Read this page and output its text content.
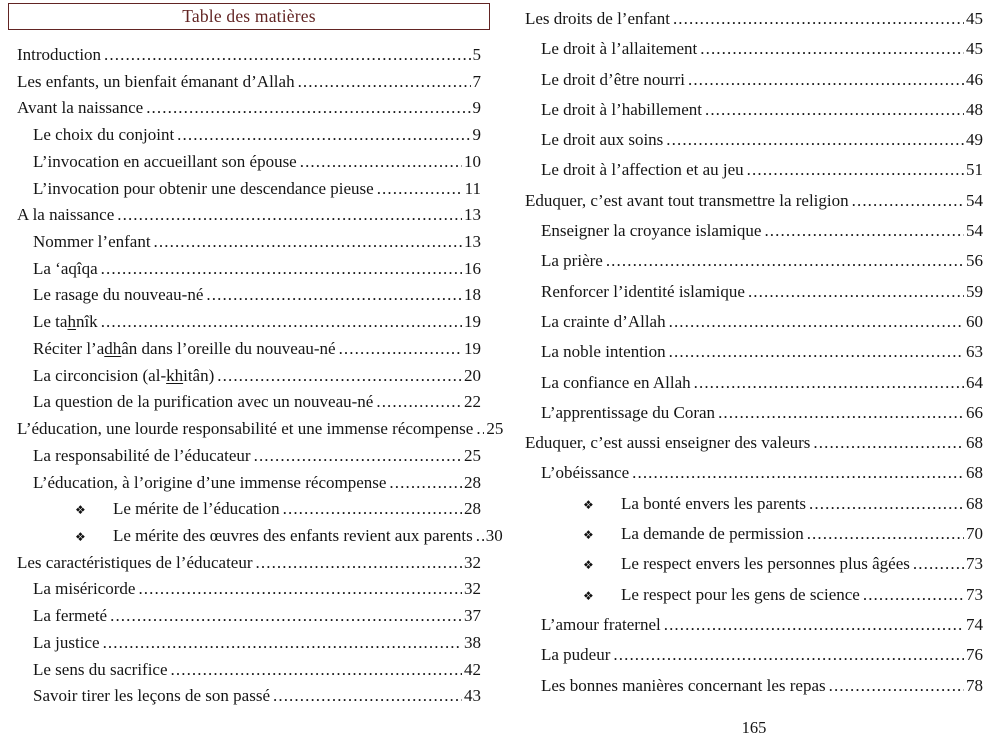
Table des matières
Introduction .....	5
Les enfants, un bienfait émanant d’Allah .....	7
Avant la naissance .....	9
Le choix du conjoint .....	9
L’invocation en accueillant son épouse .....	10
L’invocation pour obtenir une descendance pieuse .....	11
A la naissance .....	13
Nommer l’enfant .....	13
La ‘aqîqa .....	16
Le rasage du nouveau-né .....	18
Le tahnîk .....	19
Réciter l’adhân dans l’oreille du nouveau-né .....	19
La circoncision (al-khitân) .....	20
La question de la purification avec un nouveau-né .....	22
L’éducation, une lourde responsabilité et une immense récompense ..... 25
La responsabilité de l’éducateur .....	25
L’éducation, à l’origine d’une immense récompense .....	28
❖	Le mérite de l’éducation .....	28
❖	Le mérite des œuvres des enfants revient aux parents ..... 30
Les caractéristiques de l’éducateur .....	32
La miséricorde .....	32
La fermeté .....	37
La justice .....	38
Le sens du sacrifice .....	42
Savoir tirer les leçons de son passé .....	43
Les droits de l’enfant .....	45
Le droit à l’allaitement .....	45
Le droit d’être nourri .....	46
Le droit à l’habillement .....	48
Le droit aux soins .....	49
Le droit à l’affection et au jeu .....	51
Eduquer, c’est avant tout transmettre la religion .....	54
Enseigner la croyance islamique .....	54
La prière .....	56
Renforcer l’identité islamique .....	59
La crainte d’Allah .....	60
La noble intention .....	63
La confiance en Allah .....	64
L’apprentissage du Coran .....	66
Eduquer, c’est aussi enseigner des valeurs .....	68
L’obéissance .....	68
❖	La bonté envers les parents .....	68
❖	La demande de permission .....	70
❖	Le respect envers les personnes plus âgées .....	73
❖	Le respect pour les gens de science .....	73
L’amour fraternel .....	74
La pudeur .....	76
Les bonnes manières concernant les repas .....	78
165
